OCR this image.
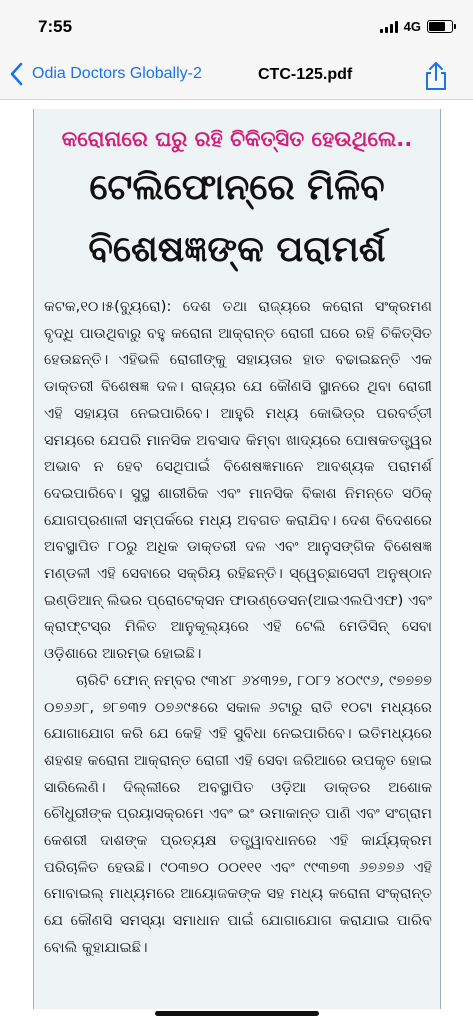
7:55	4G
Odia Doctors Globally-2	CTC-125.pdf
କରୋନାରେ ଘରୁ ରହି ଚିକିତ୍ସିତ ହେଉଥିଲେ..
ଟେଲିଫୋନ୍‌ରେ ମିଳିବ
ବିଶେଷଜ୍ଞଙ୍କ ପରାମର୍ଶ

କଟକ,୧୦।୫(ବ୍ୟୁରୋ): ଦେଶ ତଥା ରାଜ୍ୟରେ କରୋନା ସଂକ୍ରମଣ ବୃଦ୍ଧି ପାଉଥିବାରୁ ବହୁ କରୋନା ଆକ୍ରାନ୍ତ ରୋଗୀ ଘରେ ରହି ଚିକିତ୍ସିତ ହେଉଛନ୍ତି। ଏହିଭଳି ରୋଗୀଙ୍କୁ ସହାୟତାର ହାତ ବଢାଇଛନ୍ତି ଏକ ଡାକ୍ତରୀ ବିଶେଷଜ୍ଞ ଦଳ। ରାଜ୍ୟର ଯେ କୌଣସି ସ୍ଥାନରେ ଥିବା ରୋଗୀ ଏହି ସହାୟତା ନେଇପାରିବେ। ଆହୁରି ମଧ୍ୟ କୋଭିଡ୍‌ର ପରବର୍ତ୍ତୀ ସମୟରେ ଯେପରି ମାନସିକ ଅବସାଦ କିମ୍ବା ଖାଦ୍ୟରେ ପୋଷକତତ୍ତ୍ୱର ଅଭାବ ନ ହେବ ସେଥିପାଇଁ ବିଶେଷଜ୍ଞମାନେ ଆବଶ୍ୟକ ପରାମର୍ଶ ଦେଇପାରିବେ। ସୁସ୍ଥ ଶାରୀରିକ ଏବଂ ମାନସିକ ବିକାଶ ନିମନ୍ତେ ସଠିକ୍ ଯୋଗପ୍ରଣାଳୀ ସମ୍ପର୍କରେ ମଧ୍ୟ ଅବଗତ କରାଯିବ। ଦେଶ ବିଦେଶରେ ଅବସ୍ଥାପିତ ୮୦ରୁ ଅଧିକ ଡାକ୍ତରୀ ଦଳ ଏବଂ ଆନୁସଙ୍ଗିକ ବିଶେଷଜ୍ଞ ମଣ୍ଡଳୀ ଏହି ସେବାରେ ସକ୍ରିୟ ରହିଛନ୍ତି। ସ୍ୱେଚ୍ଛାସେବୀ ଅନୁଷ୍ଠାନ ଇଣ୍ଡିଆନ୍ ଲିଭର ପ୍ରୋଟେକ୍ସନ ଫାଉଣ୍ଡେସନ(ଆଇଏଲପିଏଫ) ଏବଂ କ୍ରାଫ୍ଟସ୍‌ର ମିଳିତ ଆନୁକୂଲ୍ୟରେ ଏହି ଟେଲି ମେଡିସିନ୍ ସେବା ଓଡ଼ିଶାରେ ଆରମ୍ଭ ହୋଇଛି।

ଚାରିଟି ଫୋନ୍ ନମ୍ବର ୯୩୪୮ ୬୪୩୨୭, ୮୦୮୨ ୪୦୯୯୬, ୯୭୭୭୭ ୦୭୬୬୮, ୭୮୭୩୨ ୦୭୬୯୫ରେ ସକାଳ ୬ଟାରୁ ରାତି ୧୦ଟା ମଧ୍ୟରେ ଯୋଗାଯୋଗ କରି ଯେ କେହି ଏହି ସୁବିଧା ନେଇପାରିବେ। ଇତିମଧ୍ୟରେ ଶହଶହ କରୋନା ଆକ୍ରାନ୍ତ ରୋଗୀ ଏହି ସେବା ଜରିଆରେ ଉପକୃତ ହୋଇ ସାରିଲେଣି। ଦିଲ୍ଲୀରେ ଅବସ୍ଥାପିତ ଓଡ଼ିଆ ଡାକ୍ତର ଅଶୋକ ଚୌଧୁରୀଙ୍କ ପ୍ରୟାସକ୍ରମେ ଏବଂ ଇଂ ଉମାକାନ୍ତ ପାଣି ଏବଂ ସଂଗ୍ରାମ କେଶରୀ ଦାଶଙ୍କ ପ୍ରତ୍ୟକ୍ଷ ତତ୍ତ୍ୱାବଧାନରେ ଏହି କାର୍ଯ୍ୟକ୍ରମ ପରିଚାଳିତ ହେଉଛି। ୯୦୩୭୦ ୦୦୧୧୧ ଏବଂ ୯୯୩୭୩ ୬୭୬୭୬ ଏହି ମୋବାଇଲ୍ ମାଧ୍ୟମରେ ଆୟୋଜକଙ୍କ ସହ ମଧ୍ୟ କରୋନା ସଂକ୍ରାନ୍ତ ଯେ କୌଣସି ସମସ୍ୟା ସମାଧାନ ପାଇଁ ଯୋଗାଯୋଗ କରାଯାଇ ପାରିବ ବୋଲି କୁହାଯାଇଛି।
